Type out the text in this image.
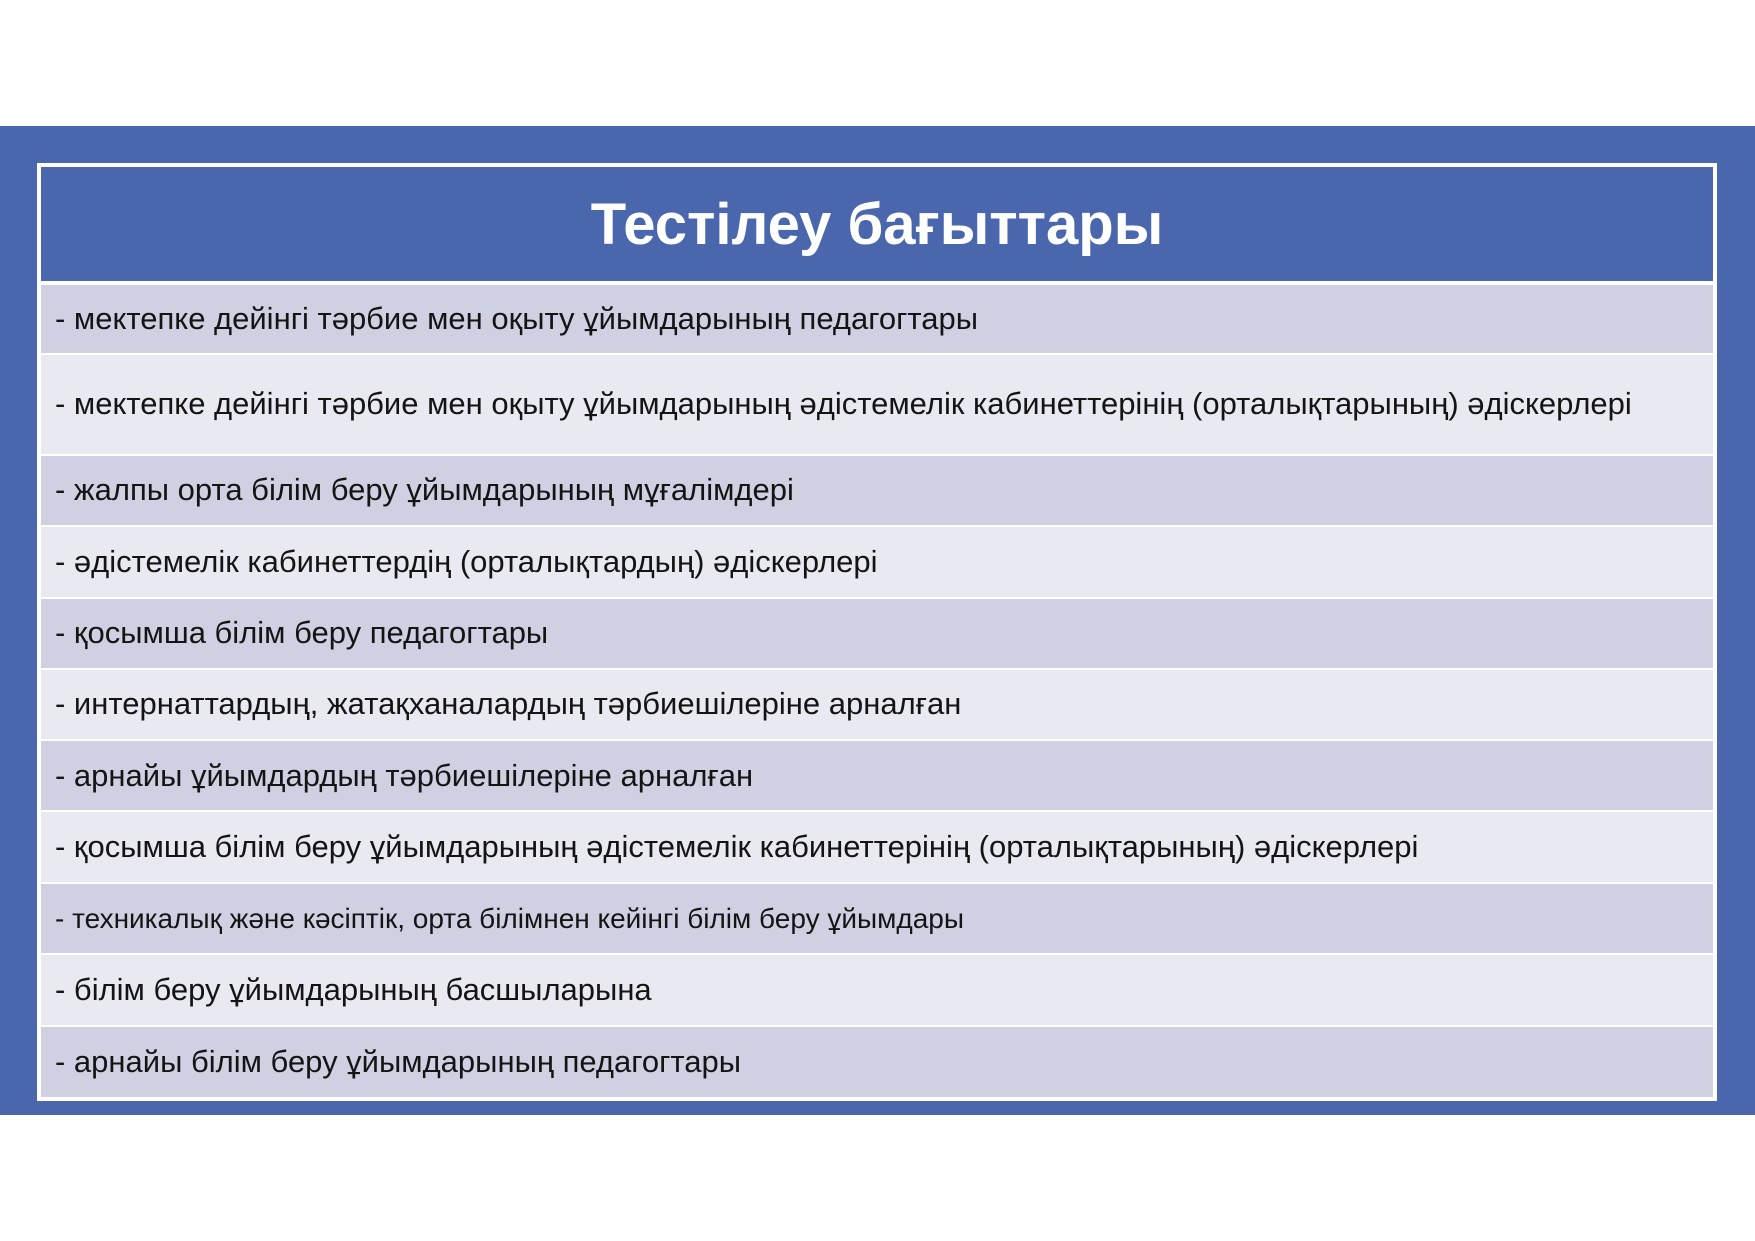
Тестілеу бағыттары
- мектепке дейінгі тәрбие мен оқыту ұйымдарының педагогтары
- мектепке дейінгі тәрбие мен оқыту ұйымдарының әдістемелік кабинеттерінің (орталықтарының) әдіскерлері
- жалпы орта білім беру ұйымдарының мұғалімдері
- әдістемелік кабинеттердің (орталықтардың) әдіскерлері
- қосымша білім беру педагогтары
- интернаттардың, жатақханалардың тәрбиешілеріне арналған
- арнайы ұйымдардың тәрбиешілеріне арналған
- қосымша білім беру ұйымдарының әдістемелік кабинеттерінің (орталықтарының) әдіскерлері
- техникалық және кәсіптік, орта білімнен кейінгі білім беру ұйымдары
- білім беру ұйымдарының басшыларына
- арнайы білім беру ұйымдарының педагогтары
